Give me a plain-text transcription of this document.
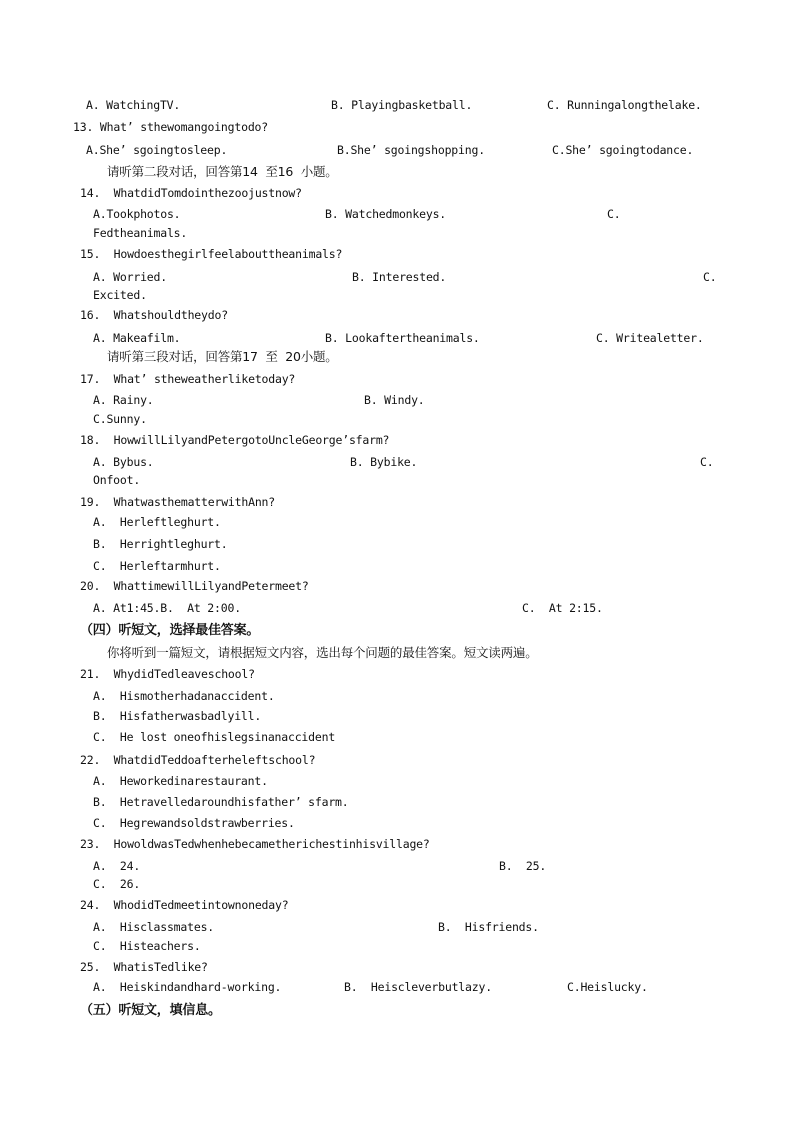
A. WatchingTV.	B. Playingbasketball.	C. Runningalongthelake.
13. What’ sthewomangoingtodo?
A.She’ sgoingtosleep.	B.She’ sgoingshopping.	C.She’ sgoingtodance.
请听第二段对话，回答第14  至16  小题。
14.  WhatdidTomdointhezoojustnow?
A.Tookphotos.	B. Watchedmonkeys.	C.
Fedtheanimals.
15.  Howdoesthegirlfeelabouttheanimals?
A. Worried.	B. Interested.	C.
Excited.
16.  Whatshouldtheydo?
A. Makeafilm.	B. Lookaftertheanimals.	C. Writealetter.
请听第三段对话，回答第17  至  20小题。
17.  What’ stheweatherliketoday?
A. Rainy.	B. Windy.
C.Sunny.
18.  HowwillLilyandPetergotoUncleGeorge’sfarm?
A. Bybus.	B. Bybike.	C.
Onfoot.
19.  WhatwasthematterwithAnn?
A.  Herleftleghurt.
B.  Herrightleghurt.
C.  Herleftarmhurt.
20.  WhattimewillLilyandPetermeet?
A. At1:45.B.  At 2:00.	C.  At 2:15.
（四）听短文，选择最佳答案。
你将听到一篇短文，请根据短文内容，选出每个问题的最佳答案。短文读两遍。
21.  WhydidTedleaveschool?
A.  Hismotherhadanaccident.
B.  Hisfatherwasbadlyill.
C.  He lost oneofhislegsinanaccident
22.  WhatdidTeddoafterheleftschool?
A.  Heworkedinarestaurant.
B.  Hetravelledaroundhisfather’ sfarm.
C.  Hegrewandsoldstrawberries.
23.  HowoldwasTedwhenhebecametherichestinhisvillage?
A.  24.	B.  25.
C.  26.
24.  WhodidTedmeetintownoneday?
A.  Hisclassmates.	B.  Hisfriends.
C.  Histeachers.
25.  WhatisTedlike?
A.  Heiskindandhard-working.	B.  Heiscleverbutlazy.	C.Heislucky.
（五）听短文，填信息。
